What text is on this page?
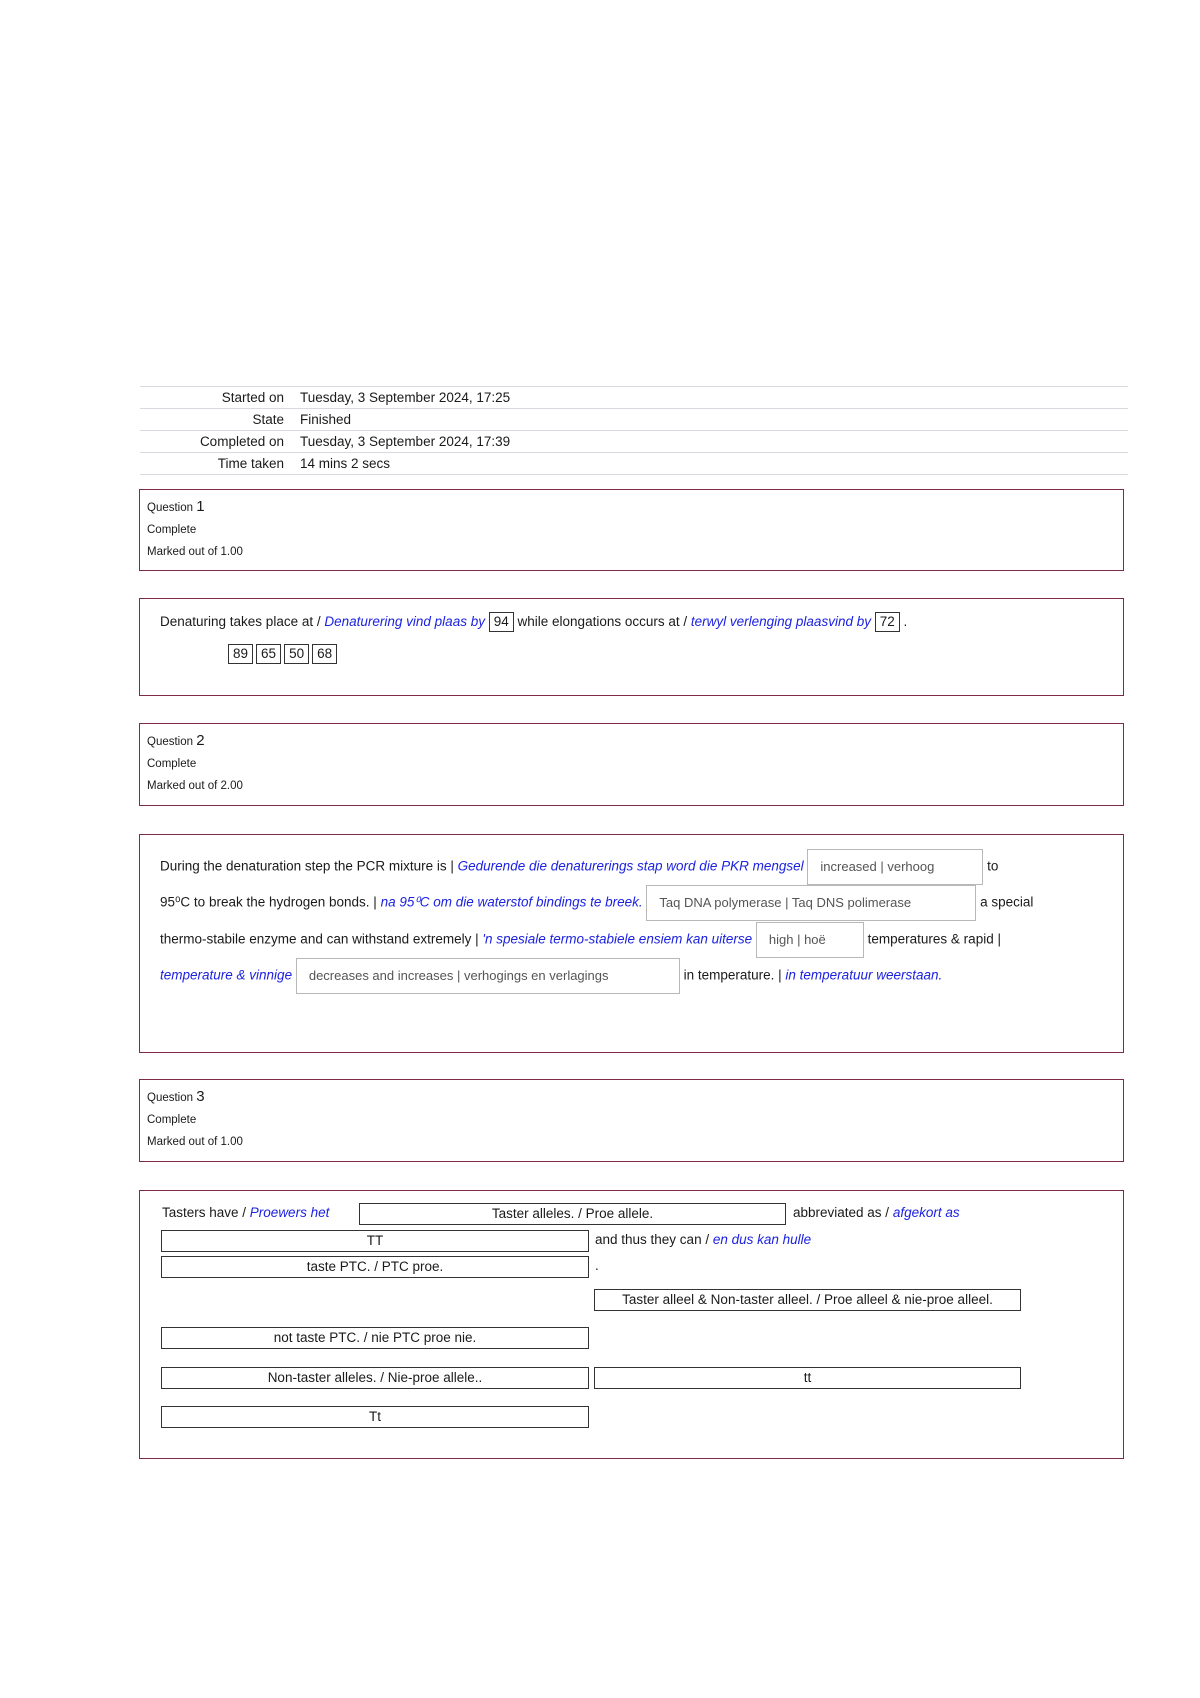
Started on Tuesday, 3 September 2024, 17:25
State Finished
Completed on Tuesday, 3 September 2024, 17:39
Time taken 14 mins 2 secs
Question 1
Complete
Marked out of 1.00
Denaturing takes place at / Denaturering vind plaas by 94 while elongations occurs at / terwyl verlenging plaasvind by 72 .
89 65 50 68
Question 2
Complete
Marked out of 2.00
During the denaturation step the PCR mixture is | Gedurende die denaturerings stap word die PKR mengsel increased | verhoog	to
95⁰C to break the hydrogen bonds. | na 95⁰C om die waterstof bindings te breek. Taq DNA polymerase | Taq DNS polimerase	a special
thermo-stabile enzyme and can withstand extremely | 'n spesiale termo-stabiele ensiem kan uiterse high | hoë	temperatures & rapid |
temperature & vinnige decreases and increases | verhogings en verlagings	in temperature. | in temperatuur weerstaan.
Question 3
Complete
Marked out of 1.00
Tasters have / Proewers het	Taster alleles. / Proe allele.	abbreviated as / afgekort as
TT	and thus they can / en dus kan hulle
taste PTC. / PTC proe.	.
Taster alleel & Non-taster alleel. / Proe alleel & nie-proe alleel.
not taste PTC. / nie PTC proe nie.
Non-taster alleles. / Nie-proe allele..	tt
Tt
